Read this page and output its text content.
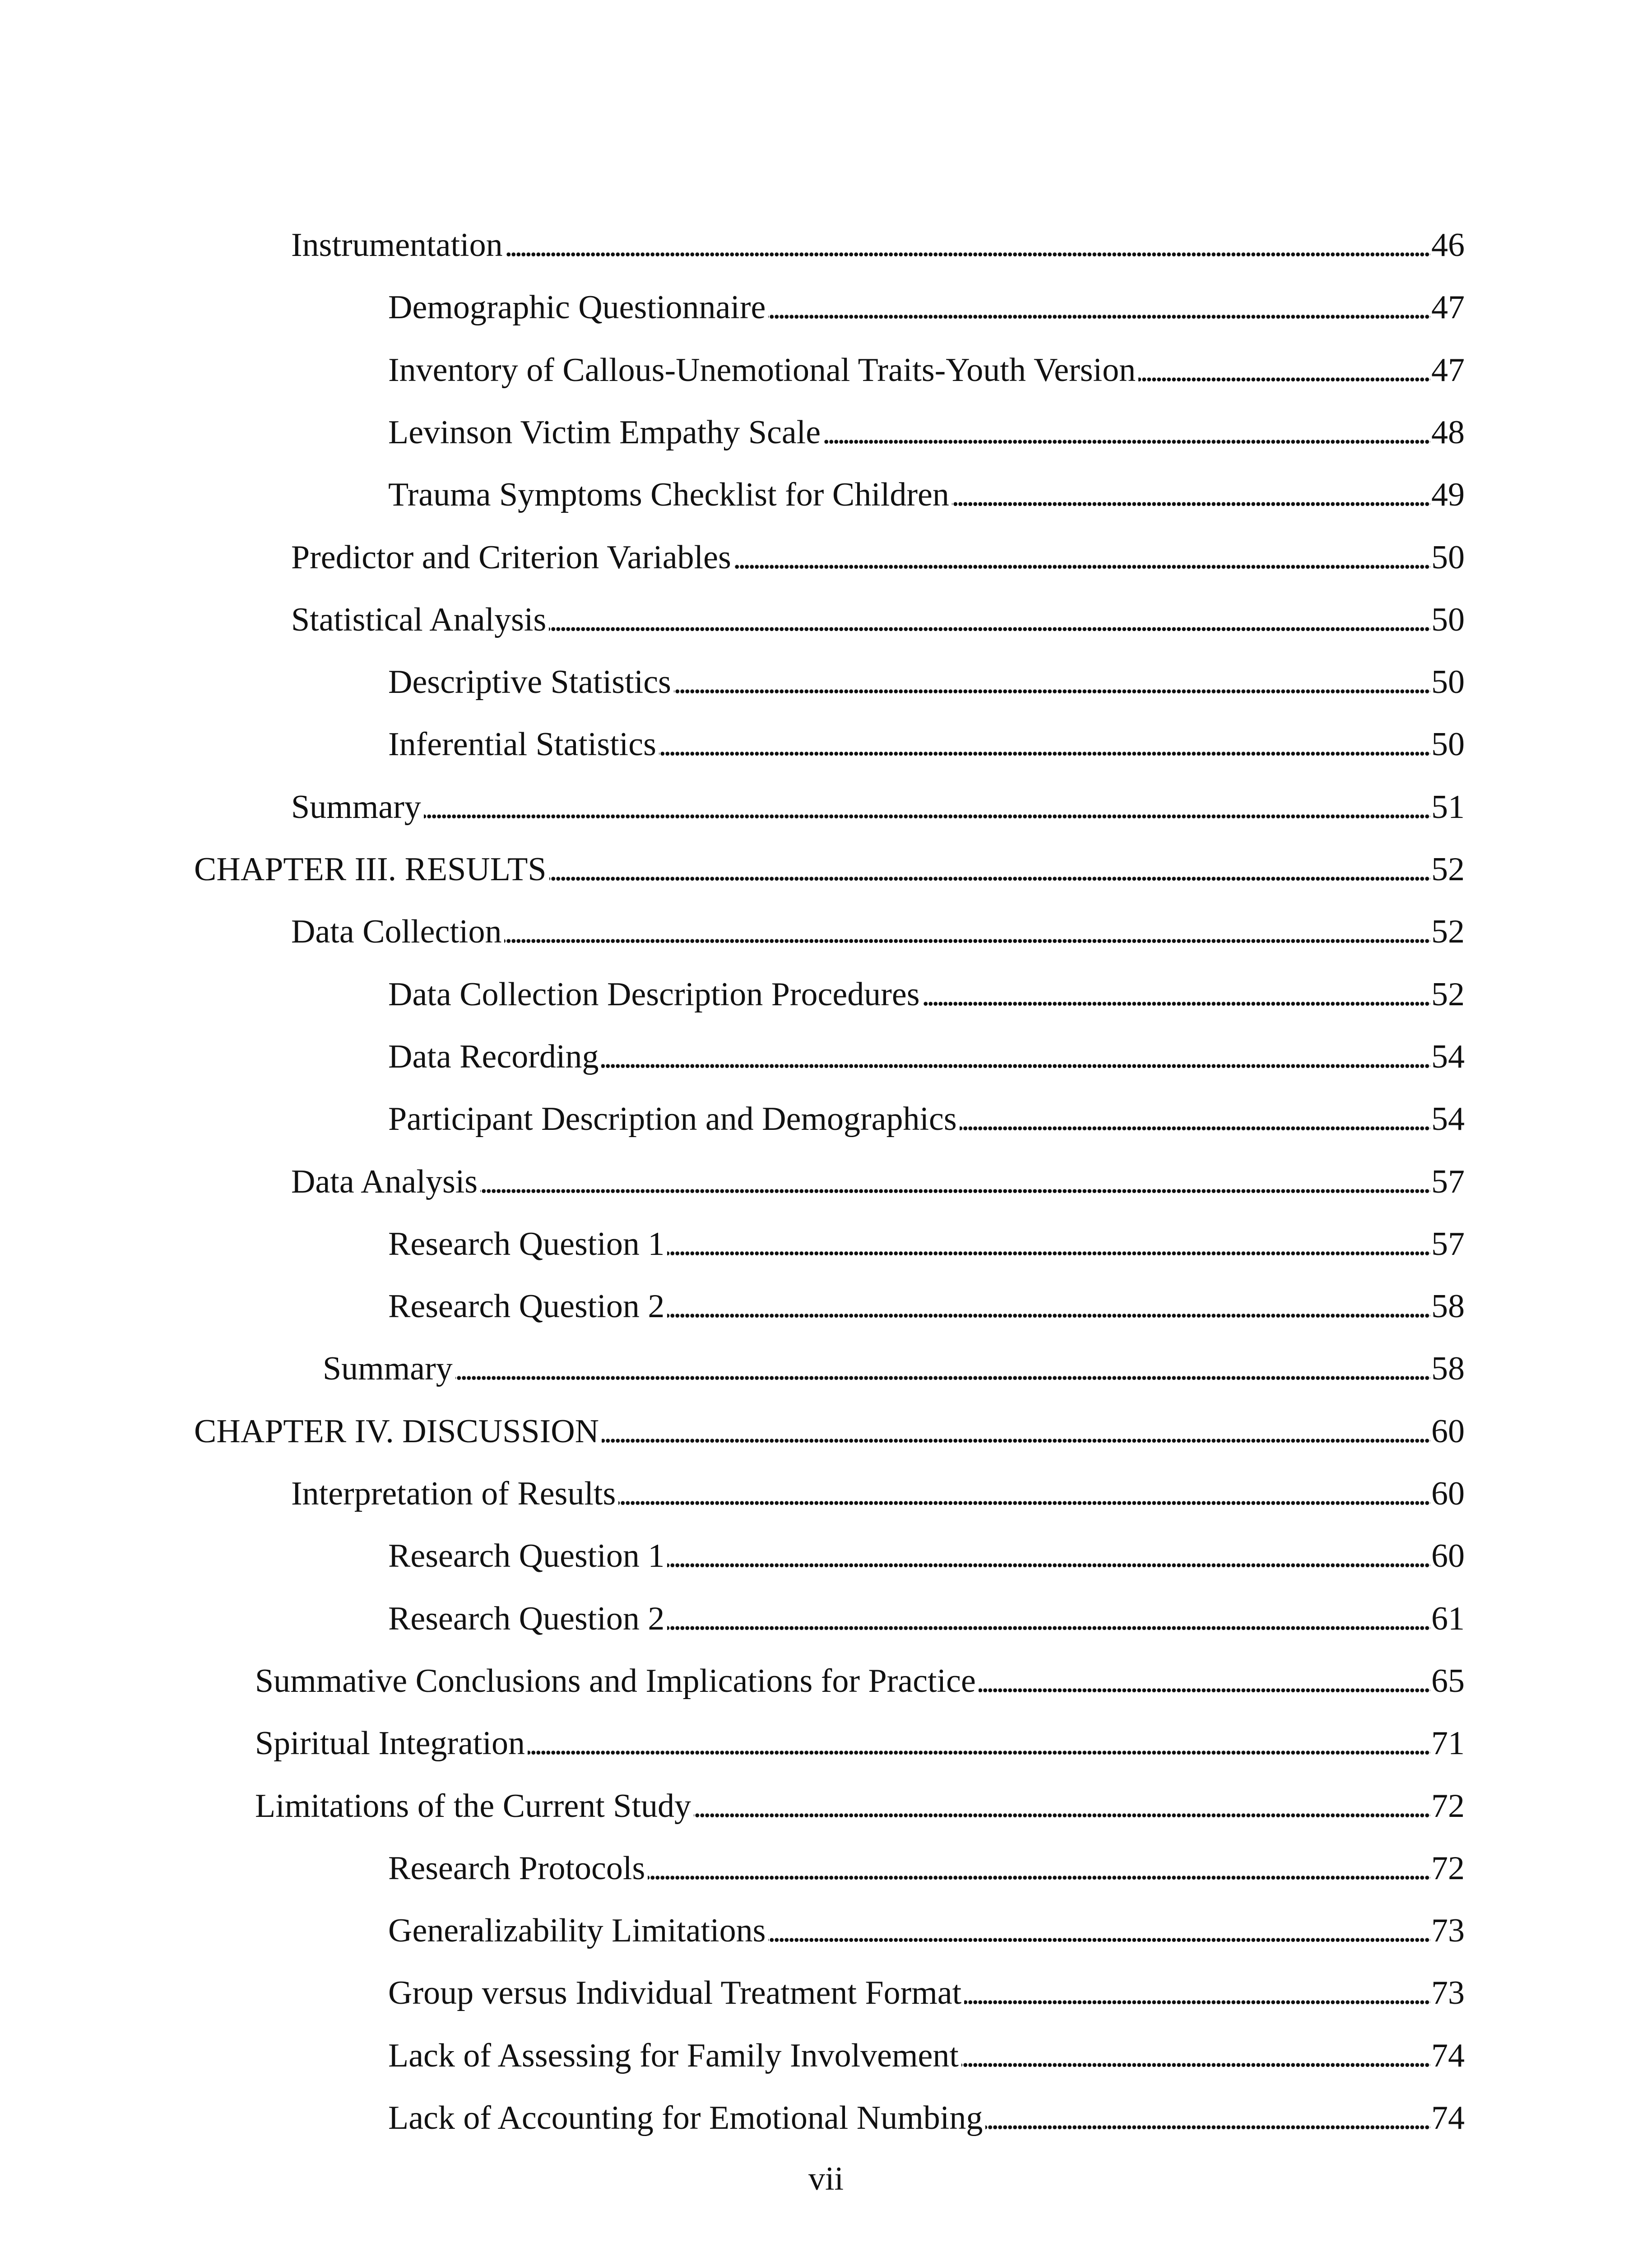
Instrumentation . . .	46
Demographic Questionnaire . . .	47
Inventory of Callous-Unemotional Traits-Youth Version . . .	47
Levinson Victim Empathy Scale . . .	48
Trauma Symptoms Checklist for Children . . .	49
Predictor and Criterion Variables . . .	50
Statistical Analysis . . .	50
Descriptive Statistics . . .	50
Inferential Statistics . . .	50
Summary . . .	51
CHAPTER III. RESULTS . . .	52
Data Collection . . .	52
Data Collection Description Procedures . . .	52
Data Recording . . .	54
Participant Description and Demographics . . .	54
Data Analysis . . .	57
Research Question 1 . . .	57
Research Question 2 . . .	58
Summary . . .	58
CHAPTER IV. DISCUSSION . . .	60
Interpretation of Results . . .	60
Research Question 1 . . .	60
Research Question 2 . . .	61
Summative Conclusions and Implications for Practice . . .	65
Spiritual Integration . . .	71
Limitations of the Current Study . . .	72
Research Protocols . . .	72
Generalizability Limitations . . .	73
Group versus Individual Treatment Format . . .	73
Lack of Assessing for Family Involvement . . .	74
Lack of Accounting for Emotional Numbing . . .	74
vii
